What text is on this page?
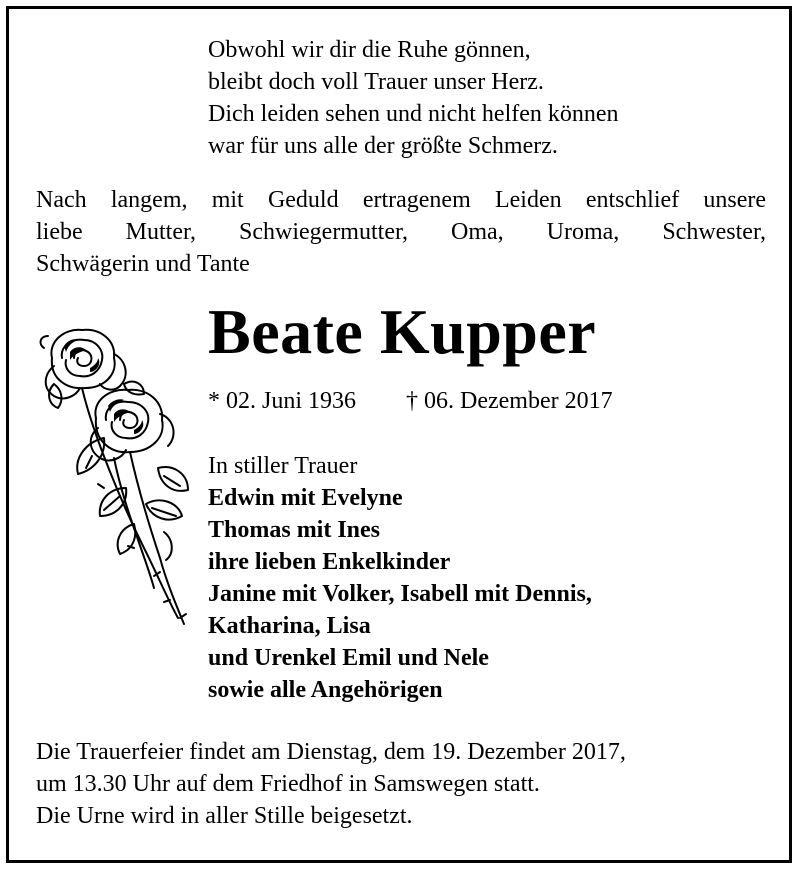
Obwohl wir dir die Ruhe gönnen,
bleibt doch voll Trauer unser Herz.
Dich leiden sehen und nicht helfen können
war für uns alle der größte Schmerz.
Nach langem, mit Geduld ertragenem Leiden entschlief unsere
liebe Mutter, Schwiegermutter, Oma, Uroma, Schwester,
Schwägerin und Tante
Beate Kupper
* 02. Juni 1936 † 06. Dezember 2017
In stiller Trauer
Edwin mit Evelyne
Thomas mit Ines
ihre lieben Enkelkinder
Janine mit Volker, Isabell mit Dennis,
Katharina, Lisa
und Urenkel Emil und Nele
sowie alle Angehörigen
Die Trauerfeier findet am Dienstag, dem 19. Dezember 2017,
um 13.30 Uhr auf dem Friedhof in Samswegen statt.
Die Urne wird in aller Stille beigesetzt.
